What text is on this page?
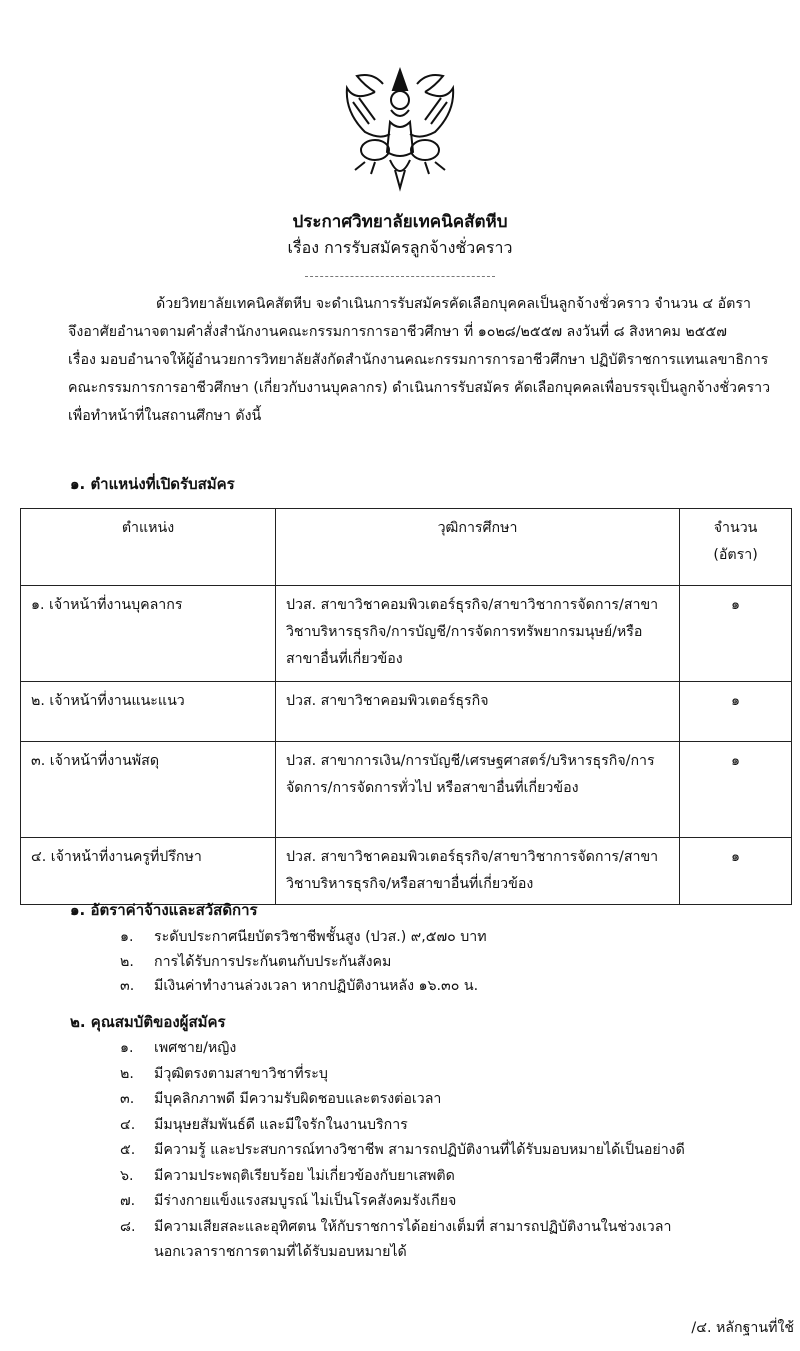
ประกาศวิทยาลัยเทคนิคสัตหีบ
เรื่อง การรับสมัครลูกจ้างชั่วคราว
ด้วยวิทยาลัยเทคนิคสัตหีบ จะดำเนินการรับสมัครคัดเลือกบุคคลเป็นลูกจ้างชั่วคราว จำนวน ๔ อัตรา
จึงอาศัยอำนาจตามคำสั่งสำนักงานคณะกรรมการการอาชีวศึกษา ที่ ๑๐๒๘/๒๕๕๗ ลงวันที่ ๘ สิงหาคม ๒๕๕๗
เรื่อง มอบอำนาจให้ผู้อำนวยการวิทยาลัยสังกัดสำนักงานคณะกรรมการการอาชีวศึกษา ปฏิบัติราชการแทนเลขาธิการ
คณะกรรมการการอาชีวศึกษา (เกี่ยวกับงานบุคลากร) ดำเนินการรับสมัคร คัดเลือกบุคคลเพื่อบรรจุเป็นลูกจ้างชั่วคราว
เพื่อทำหน้าที่ในสถานศึกษา ดังนี้
๑. ตำแหน่งที่เปิดรับสมัคร
ตำแหน่ง	วุฒิการศึกษา	จำนวน
(อัตรา)

๑. เจ้าหน้าที่งานบุคลากร	ปวส. สาขาวิชาคอมพิวเตอร์ธุรกิจ/สาขาวิชาการจัดการ/สาขาวิชาบริหารธุรกิจ/การบัญชี/การจัดการทรัพยากรมนุษย์/หรือสาขาอื่นที่เกี่ยวข้อง	๑
๒. เจ้าหน้าที่งานแนะแนว	ปวส. สาขาวิชาคอมพิวเตอร์ธุรกิจ	๑
๓. เจ้าหน้าที่งานพัสดุ	ปวส. สาขาการเงิน/การบัญชี/เศรษฐศาสตร์/บริหารธุรกิจ/การจัดการ/การจัดการทั่วไป หรือสาขาอื่นที่เกี่ยวข้อง	๑
๔. เจ้าหน้าที่งานครูที่ปรึกษา	ปวส. สาขาวิชาคอมพิวเตอร์ธุรกิจ/สาขาวิชาการจัดการ/สาขาวิชาบริหารธุรกิจ/หรือสาขาอื่นที่เกี่ยวข้อง	๑
๑. อัตราค่าจ้างและสวัสดิการ
๑.	ระดับประกาศนียบัตรวิชาชีพชั้นสูง (ปวส.) ๙,๕๗๐ บาท
๒.	การได้รับการประกันตนกับประกันสังคม
๓.	มีเงินค่าทำงานล่วงเวลา หากปฏิบัติงานหลัง ๑๖.๓๐ น.
๒. คุณสมบัติของผู้สมัคร
๑.	เพศชาย/หญิง
๒.	มีวุฒิตรงตามสาขาวิชาที่ระบุ
๓.	มีบุคลิกภาพดี มีความรับผิดชอบและตรงต่อเวลา
๔.	มีมนุษยสัมพันธ์ดี และมีใจรักในงานบริการ
๕.	มีความรู้ และประสบการณ์ทางวิชาชีพ สามารถปฏิบัติงานที่ได้รับมอบหมายได้เป็นอย่างดี
๖.	มีความประพฤติเรียบร้อย ไม่เกี่ยวข้องกับยาเสพติด
๗.	มีร่างกายแข็งแรงสมบูรณ์ ไม่เป็นโรคสังคมรังเกียจ
๘.	มีความเสียสละและอุทิศตน ให้กับราชการได้อย่างเต็มที่ สามารถปฏิบัติงานในช่วงเวลา
นอกเวลาราชการตามที่ได้รับมอบหมายได้
/๔. หลักฐานที่ใช้
